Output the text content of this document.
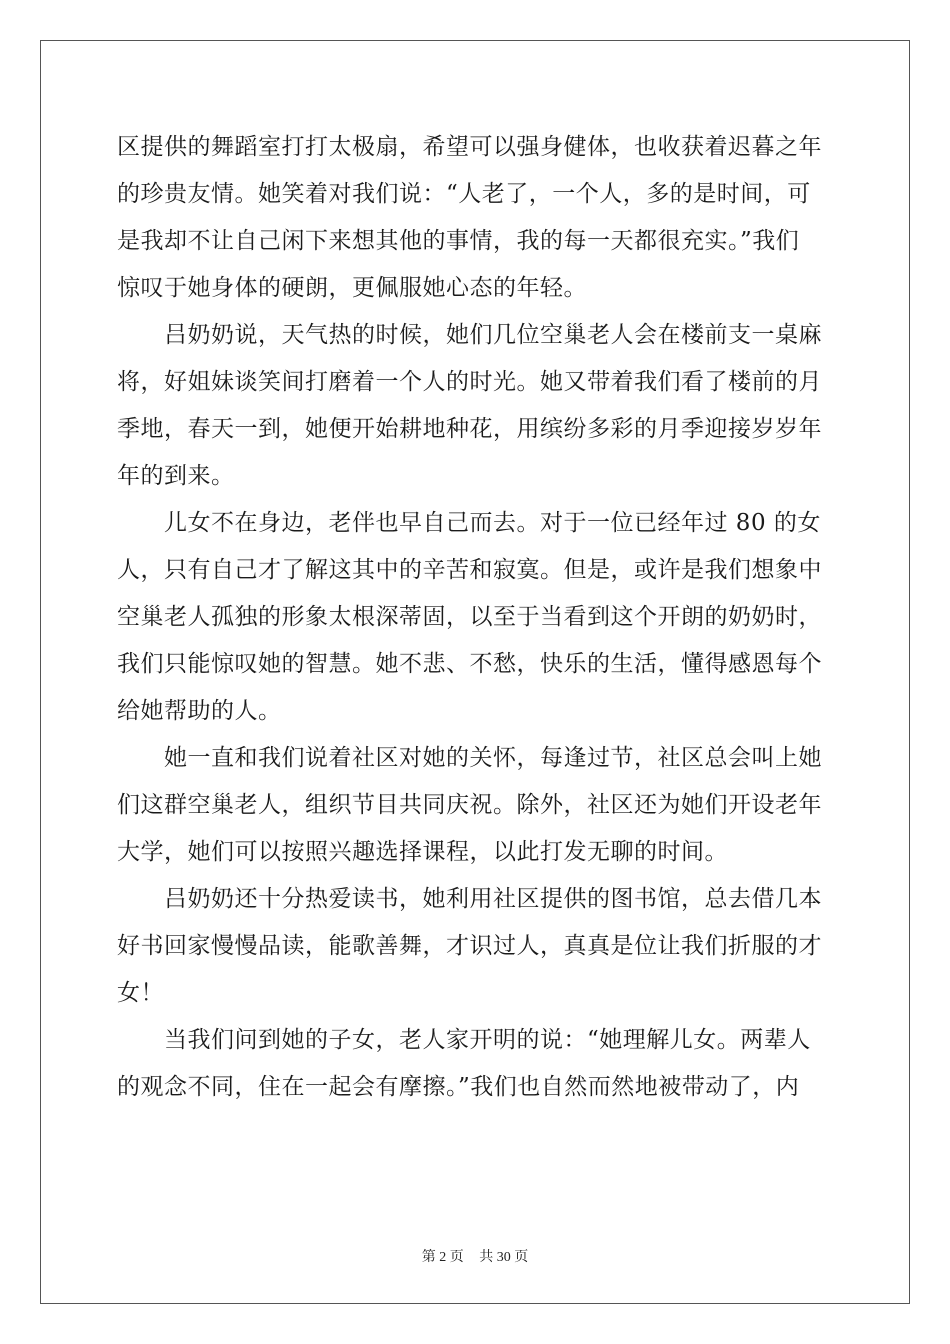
区提供的舞蹈室打打太极扇，希望可以强身健体，也收获着迟暮之年
的珍贵友情。她笑着对我们说：“人老了，一个人，多的是时间，可
是我却不让自己闲下来想其他的事情，我的每一天都很充实。”我们
惊叹于她身体的硬朗，更佩服她心态的年轻。
　　吕奶奶说，天气热的时候，她们几位空巢老人会在楼前支一桌麻
将，好姐妹谈笑间打磨着一个人的时光。她又带着我们看了楼前的月
季地，春天一到，她便开始耕地种花，用缤纷多彩的月季迎接岁岁年
年的到来。
　　儿女不在身边，老伴也早自己而去。对于一位已经年过 80 的女
人，只有自己才了解这其中的辛苦和寂寞。但是，或许是我们想象中
空巢老人孤独的形象太根深蒂固，以至于当看到这个开朗的奶奶时，
我们只能惊叹她的智慧。她不悲、不愁，快乐的生活，懂得感恩每个
给她帮助的人。
　　她一直和我们说着社区对她的关怀，每逢过节，社区总会叫上她
们这群空巢老人，组织节目共同庆祝。除外，社区还为她们开设老年
大学，她们可以按照兴趣选择课程，以此打发无聊的时间。
　　吕奶奶还十分热爱读书，她利用社区提供的图书馆，总去借几本
好书回家慢慢品读，能歌善舞，才识过人，真真是位让我们折服的才
女！
　　当我们问到她的子女，老人家开明的说：“她理解儿女。两辈人
的观念不同，住在一起会有摩擦。”我们也自然而然地被带动了，内
第 2 页 共 30 页
